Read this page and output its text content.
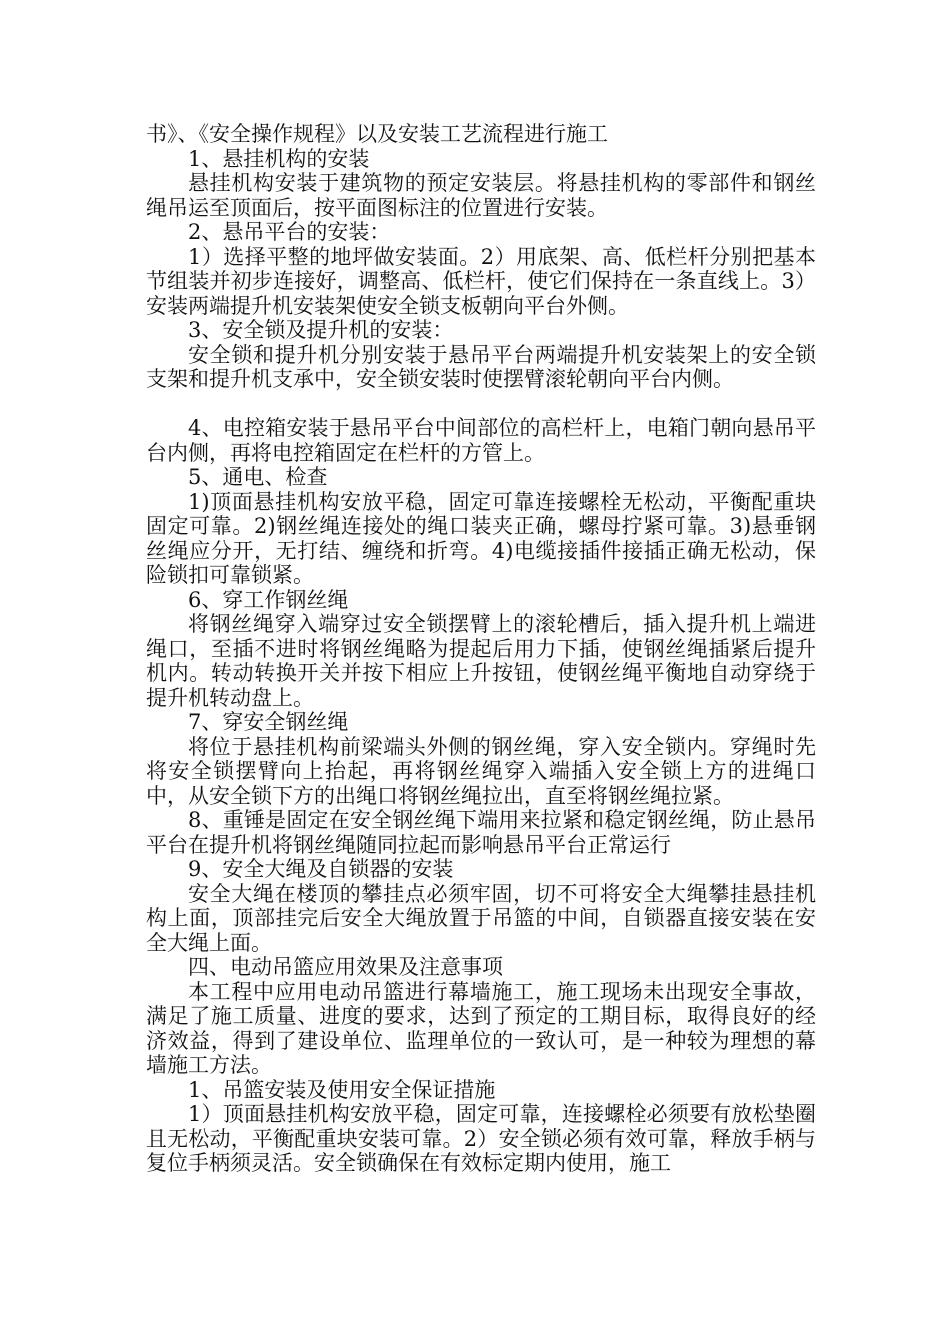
书》、《安全操作规程》以及安装工艺流程进行施工

1、悬挂机构的安装

悬挂机构安装于建筑物的预定安装层。将悬挂机构的零部件和钢丝绳吊运至顶面后，按平面图标注的位置进行安装。

2、悬吊平台的安装：

1）选择平整的地坪做安装面。2）用底架、高、低栏杆分别把基本节组装并初步连接好，调整高、低栏杆，使它们保持在一条直线上。3）安装两端提升机安装架使安全锁支板朝向平台外侧。

3、安全锁及提升机的安装：

安全锁和提升机分别安装于悬吊平台两端提升机安装架上的安全锁支架和提升机支承中，安全锁安装时使摆臂滚轮朝向平台内侧。

4、电控箱安装于悬吊平台中间部位的高栏杆上，电箱门朝向悬吊平台内侧，再将电控箱固定在栏杆的方管上。

5、通电、检查

1)顶面悬挂机构安放平稳，固定可靠连接螺栓无松动，平衡配重块固定可靠。2)钢丝绳连接处的绳口装夹正确，螺母拧紧可靠。3)悬垂钢丝绳应分开，无打结、缠绕和折弯。4)电缆接插件接插正确无松动，保险锁扣可靠锁紧。

6、穿工作钢丝绳

将钢丝绳穿入端穿过安全锁摆臂上的滚轮槽后，插入提升机上端进绳口，至插不进时将钢丝绳略为提起后用力下插，使钢丝绳插紧后提升机内。转动转换开关并按下相应上升按钮，使钢丝绳平衡地自动穿绕于提升机转动盘上。

7、穿安全钢丝绳

将位于悬挂机构前梁端头外侧的钢丝绳，穿入安全锁内。穿绳时先将安全锁摆臂向上抬起，再将钢丝绳穿入端插入安全锁上方的进绳口中，从安全锁下方的出绳口将钢丝绳拉出，直至将钢丝绳拉紧。

8、重锤是固定在安全钢丝绳下端用来拉紧和稳定钢丝绳，防止悬吊平台在提升机将钢丝绳随同拉起而影响悬吊平台正常运行

9、安全大绳及自锁器的安装

安全大绳在楼顶的攀挂点必须牢固，切不可将安全大绳攀挂悬挂机构上面，顶部挂完后安全大绳放置于吊篮的中间，自锁器直接安装在安全大绳上面。

四、电动吊篮应用效果及注意事项

本工程中应用电动吊篮进行幕墙施工，施工现场未出现安全事故，满足了施工质量、进度的要求，达到了预定的工期目标，取得良好的经济效益，得到了建设单位、监理单位的一致认可，是一种较为理想的幕墙施工方法。

1、吊篮安装及使用安全保证措施

1）顶面悬挂机构安放平稳，固定可靠，连接螺栓必须要有放松垫圈且无松动，平衡配重块安装可靠。2）安全锁必须有效可靠，释放手柄与复位手柄须灵活。安全锁确保在有效标定期内使用，施工
